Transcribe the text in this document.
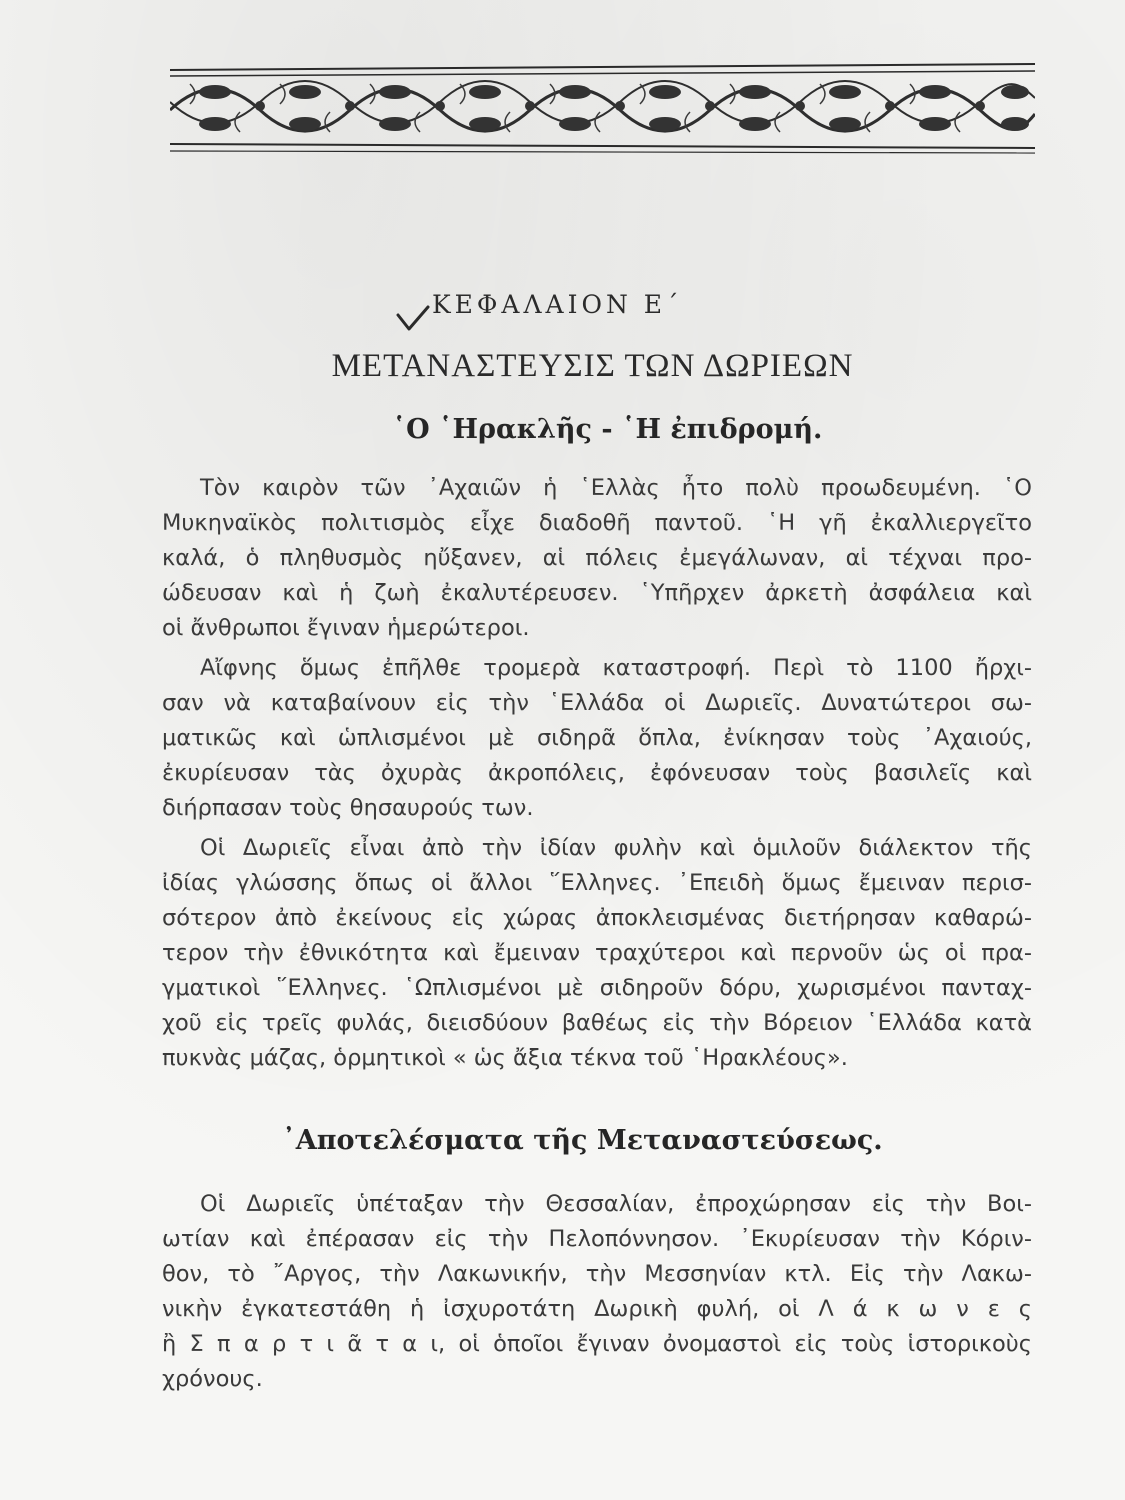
ΚΕΦΑΛΑΙΟΝ Ε΄
ΜΕΤΑΝΑΣΤΕΥΣΙΣ ΤΩΝ ΔΩΡΙΕΩΝ
῾Ο ῾Ηρακλῆς - ῾Η ἐπιδρομή.
Τὸν καιρὸν τῶν ᾿Αχαιῶν ἡ ῾Ελλὰς ἦτο πολὺ προωδευμένη. ῾Ο
Μυκηναϊκὸς πολιτισμὸς εἶχε διαδοθῆ παντοῦ. ῾Η γῆ ἐκαλλιεργεῖτο
καλά, ὁ πληθυσμὸς ηὔξανεν, αἱ πόλεις ἐμεγάλωναν, αἱ τέχναι προ-
ώδευσαν καὶ ἡ ζωὴ ἐκαλυτέρευσεν. ῾Υπῆρχεν ἀρκετὴ ἀσφάλεια καὶ
οἱ ἄνθρωποι ἔγιναν ἡμερώτεροι.
Αἴφνης ὅμως ἐπῆλθε τρομερὰ καταστροφή. Περὶ τὸ 1100 ἤρχι-
σαν νὰ καταβαίνουν εἰς τὴν ῾Ελλάδα οἱ Δωριεῖς. Δυνατώτεροι σω-
ματικῶς καὶ ὡπλισμένοι μὲ σιδηρᾶ ὅπλα, ἐνίκησαν τοὺς ᾿Αχαιούς,
ἐκυρίευσαν τὰς ὀχυρὰς ἀκροπόλεις, ἐφόνευσαν τοὺς βασιλεῖς καὶ
διήρπασαν τοὺς θησαυρούς των.
Οἱ Δωριεῖς εἶναι ἀπὸ τὴν ἰδίαν φυλὴν καὶ ὁμιλοῦν διάλεκτον τῆς
ἰδίας γλώσσης ὅπως οἱ ἄλλοι ῞Ελληνες. ᾿Επειδὴ ὅμως ἔμειναν περισ-
σότερον ἀπὸ ἐκείνους εἰς χώρας ἀποκλεισμένας διετήρησαν καθαρώ-
τερον τὴν ἐθνικότητα καὶ ἔμειναν τραχύτεροι καὶ περνοῦν ὡς οἱ πρα-
γματικοὶ ῞Ελληνες. ῾Ωπλισμένοι μὲ σιδηροῦν δόρυ, χωρισμένοι πανταχ-
χοῦ εἰς τρεῖς φυλάς, διεισδύουν βαθέως εἰς τὴν Βόρειον ῾Ελλάδα κατὰ
πυκνὰς μάζας, ὁρμητικοὶ « ὡς ἄξια τέκνα τοῦ ῾Ηρακλέους».
᾿Αποτελέσματα τῆς Μεταναστεύσεως.
Οἱ Δωριεῖς ὑπέταξαν τὴν Θεσσαλίαν, ἐπροχώρησαν εἰς τὴν Βοι-
ωτίαν καὶ ἐπέρασαν εἰς τὴν Πελοπόννησον. ᾿Εκυρίευσαν τὴν Κόριν-
θον, τὸ ῎Αργος, τὴν Λακωνικήν, τὴν Μεσσηνίαν κτλ. Εἰς τὴν Λακω-
νικὴν ἐγκατεστάθη ἡ ἰσχυροτάτη Δωρικὴ φυλή, οἱ Λ ά κ ω ν ε ς
ἢ Σ π α ρ τ ι ᾶ τ α ι, οἱ ὁποῖοι ἔγιναν ὀνομαστοὶ εἰς τοὺς ἱστορικοὺς
χρόνους.
